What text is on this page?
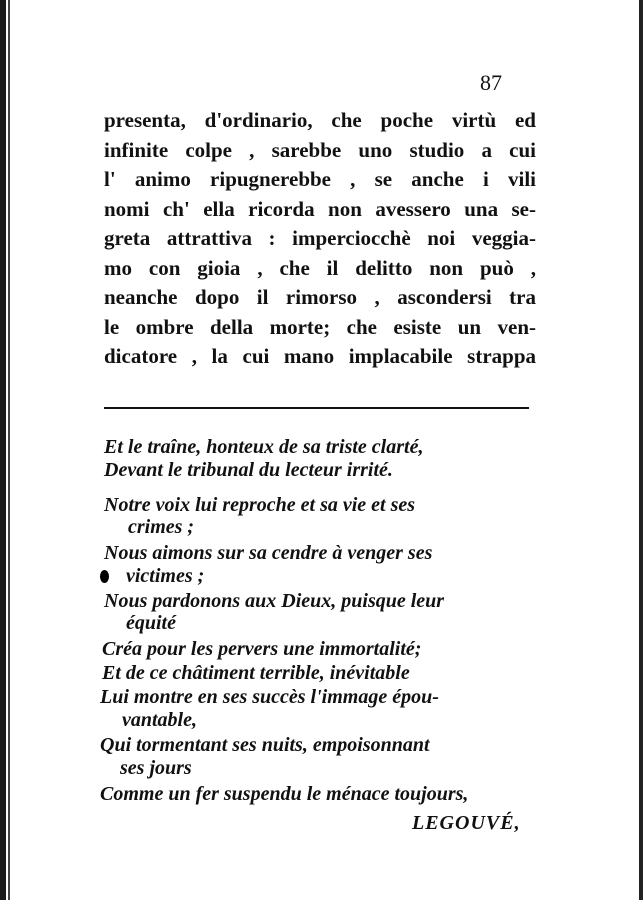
87
presenta, d'ordinario, che poche virtù ed
infinite colpe , sarebbe uno studio a cui
l' animo ripugnerebbe , se anche i vili
nomi ch' ella ricorda non avessero una se-
greta attrattiva : imperciocchè noi veggia-
mo con gioia , che il delitto non può ,
neanche dopo il rimorso , ascondersi tra
le ombre della morte; che esiste un ven-
dicatore , la cui mano implacabile strappa
Et le traîne, honteux de sa triste clarté,
Devant le tribunal du lecteur irrité.
Notre voix lui reproche et sa vie et ses
crimes ;
Nous aimons sur sa cendre à venger ses
victimes ;
Nous pardonons aux Dieux, puisque leur
équité
Créa pour les pervers une immortalité;
Et de ce châtiment terrible, inévitable
Lui montre en ses succès l'immage épou-
vantable,
Qui tormentant ses nuits, empoisonnant
ses jours
Comme un fer suspendu le ménace toujours,
LEGOUVÉ,
